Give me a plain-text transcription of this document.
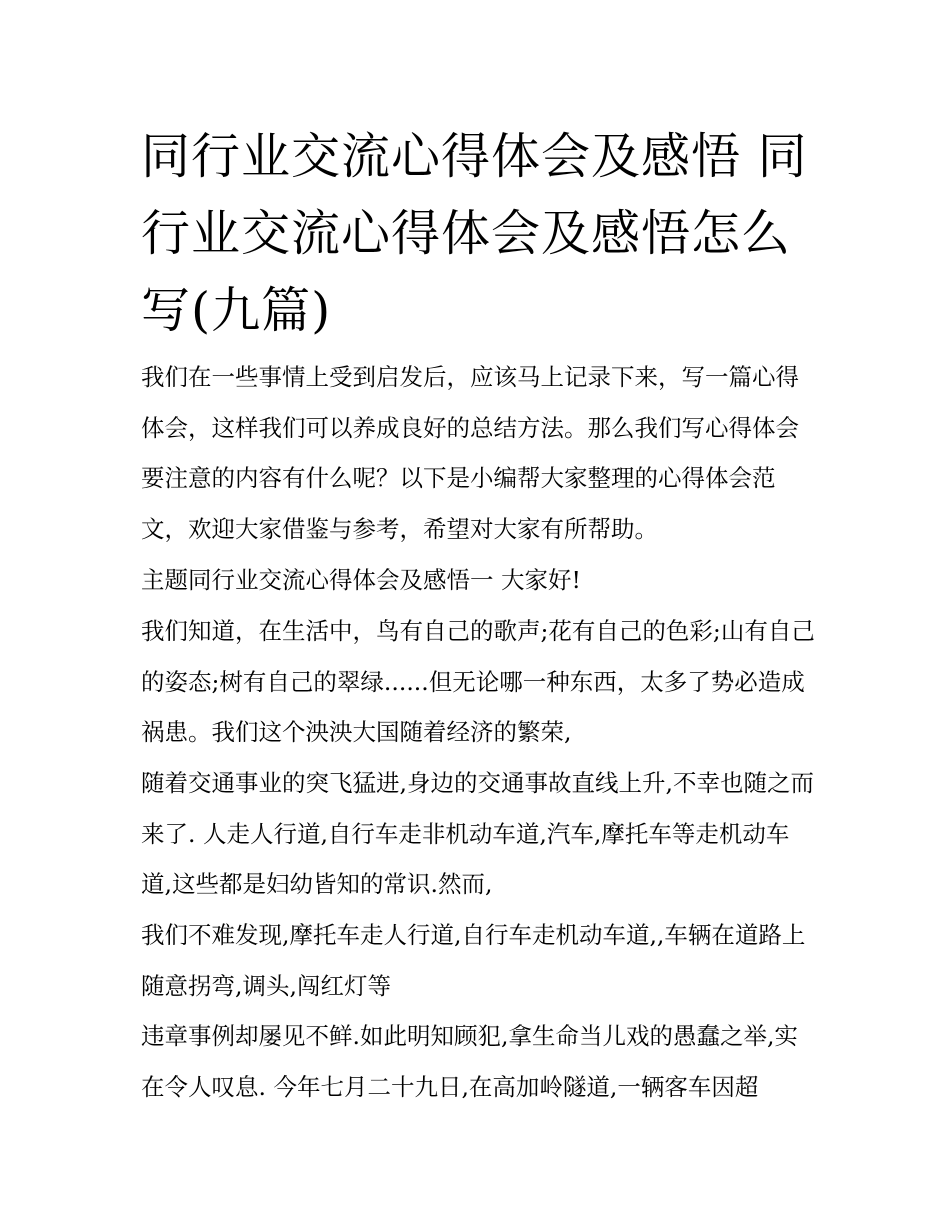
同行业交流心得体会及感悟 同行业交流心得体会及感悟怎么写(九篇)

我们在一些事情上受到启发后，应该马上记录下来，写一篇心得体会，这样我们可以养成良好的总结方法。那么我们写心得体会要注意的内容有什么呢？以下是小编帮大家整理的心得体会范文，欢迎大家借鉴与参考，希望对大家有所帮助。

主题同行业交流心得体会及感悟一 大家好!

我们知道，在生活中，鸟有自己的歌声;花有自己的色彩;山有自己的姿态;树有自己的翠绿......但无论哪一种东西，太多了势必造成祸患。我们这个泱泱大国随着经济的繁荣,

随着交通事业的突飞猛进,身边的交通事故直线上升,不幸也随之而来了. 人走人行道,自行车走非机动车道,汽车,摩托车等走机动车道,这些都是妇幼皆知的常识.然而,

我们不难发现,摩托车走人行道,自行车走机动车道,,车辆在道路上随意拐弯,调头,闯红灯等

违章事例却屡见不鲜.如此明知顾犯,拿生命当儿戏的愚蠢之举,实在令人叹息. 今年七月二十九日,在高加岭隧道,一辆客车因超
